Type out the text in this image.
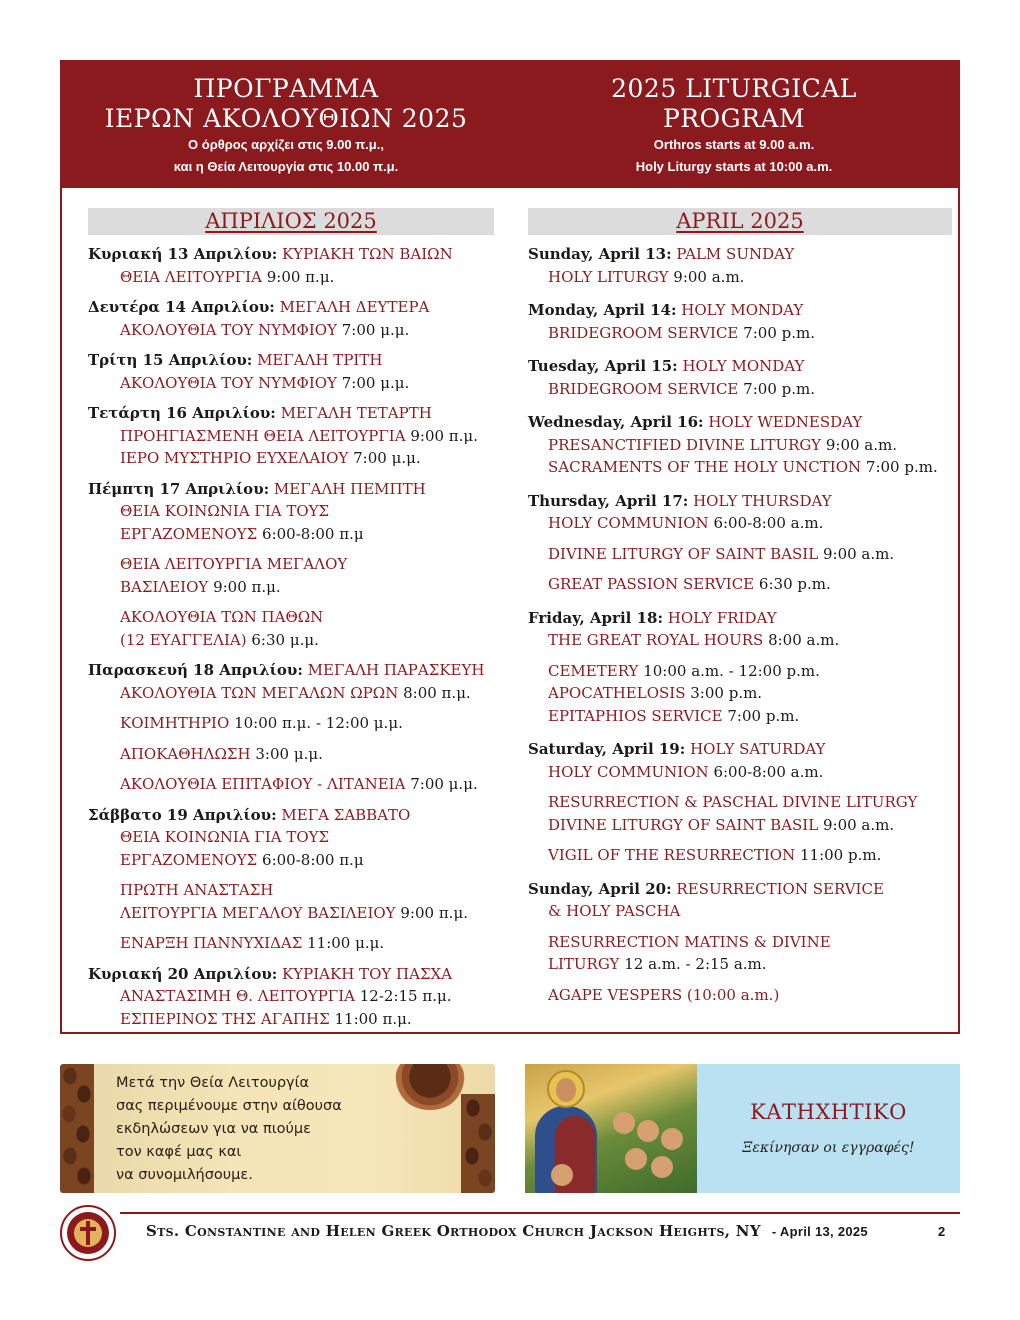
ΠΡΟΓΡΑΜΜΑ
ΙΕΡΩΝ ΑΚΟΛΟΥΘΙΩΝ 2025
Ο όρθρος αρχίζει στις 9.00 π.μ.,
και η Θεία Λειτουργία στις 10.00 π.μ.
2025 LITURGICAL
PROGRAM
Orthros starts at 9.00 a.m.
Holy Liturgy starts at 10:00 a.m.
ΑΠΡΙΛΙΟΣ 2025
Κυριακή 13 Απριλίου: ΚΥΡΙΑΚΗ ΤΩΝ ΒΑΙΩΝ
ΘΕΙΑ ΛΕΙΤΟΥΡΓΙΑ 9:00 π.μ.
Δευτέρα 14 Απριλίου: ΜΕΓΑΛΗ ΔΕΥΤΕΡΑ
ΑΚΟΛΟΥΘΙΑ ΤΟΥ ΝΥΜΦΙΟΥ 7:00 μ.μ.
Τρίτη 15 Απριλίου: ΜΕΓΑΛΗ ΤΡΙΤΗ
ΑΚΟΛΟΥΘΙΑ ΤΟΥ ΝΥΜΦΙΟΥ 7:00 μ.μ.
Τετάρτη 16 Απριλίου: ΜΕΓΑΛΗ ΤΕΤΑΡΤΗ
ΠΡΟΗΓΙΑΣΜΕΝΗ ΘΕΙΑ ΛΕΙΤΟΥΡΓΙΑ 9:00 π.μ.
ΙΕΡΟ ΜΥΣΤΗΡΙΟ ΕΥΧΕΛΑΙΟΥ 7:00 μ.μ.
Πέμπτη 17 Απριλίου: ΜΕΓΑΛΗ ΠΕΜΠΤΗ
ΘΕΙΑ ΚΟΙΝΩΝΙΑ ΓΙΑ ΤΟΥΣ
ΕΡΓΑΖΟΜΕΝΟΥΣ 6:00-8:00 π.μ
ΘΕΙΑ ΛΕΙΤΟΥΡΓΙΑ ΜΕΓΑΛΟΥ
ΒΑΣΙΛΕΙΟΥ 9:00 π.μ.
ΑΚΟΛΟΥΘΙΑ ΤΩΝ ΠΑΘΩΝ
(12 ΕΥΑΓΓΕΛΙΑ) 6:30 μ.μ.
Παρασκευή 18 Απριλίου: ΜΕΓΑΛΗ ΠΑΡΑΣΚΕΥΗ
ΑΚΟΛΟΥΘΙΑ ΤΩΝ ΜΕΓΑΛΩΝ ΩΡΩΝ 8:00 π.μ.
ΚΟΙΜΗΤΗΡΙΟ 10:00 π.μ. - 12:00 μ.μ.
ΑΠΟΚΑΘΗΛΩΣΗ 3:00 μ.μ.
ΑΚΟΛΟΥΘΙΑ ΕΠΙΤΑΦΙΟΥ - ΛΙΤΑΝΕΙΑ 7:00 μ.μ.
Σάββατο 19 Απριλίου: ΜΕΓΑ ΣΑΒΒΑΤΟ
ΘΕΙΑ ΚΟΙΝΩΝΙΑ ΓΙΑ ΤΟΥΣ
ΕΡΓΑΖΟΜΕΝΟΥΣ 6:00-8:00 π.μ
ΠΡΩΤΗ ΑΝΑΣΤΑΣΗ
ΛΕΙΤΟΥΡΓΙΑ ΜΕΓΑΛΟΥ ΒΑΣΙΛΕΙΟΥ 9:00 π.μ.
ΕΝΑΡΞΗ ΠΑΝΝΥΧΙΔΑΣ 11:00 μ.μ.
Κυριακή 20 Απριλίου: ΚΥΡΙΑΚΗ ΤΟΥ ΠΑΣΧΑ
ΑΝΑΣΤΑΣΙΜΗ Θ. ΛΕΙΤΟΥΡΓΙΑ 12-2:15 π.μ.
ΕΣΠΕΡΙΝΟΣ ΤΗΣ ΑΓΑΠΗΣ 11:00 π.μ.
APRIL 2025
Sunday, April 13: PALM SUNDAY
HOLY LITURGY 9:00 a.m.
Monday, April 14: HOLY MONDAY
BRIDEGROOM SERVICE 7:00 p.m.
Tuesday, April 15: HOLY MONDAY
BRIDEGROOM SERVICE 7:00 p.m.
Wednesday, April 16: HOLY WEDNESDAY
PRESANCTIFIED DIVINE LITURGY 9:00 a.m.
SACRAMENTS OF THE HOLY UNCTION 7:00 p.m.
Thursday, April 17: HOLY THURSDAY
HOLY COMMUNION 6:00-8:00 a.m.
DIVINE LITURGY OF SAINT BASIL 9:00 a.m.
GREAT PASSION SERVICE 6:30 p.m.
Friday, April 18: HOLY FRIDAY
THE GREAT ROYAL HOURS 8:00 a.m.
CEMETERY 10:00 a.m. - 12:00 p.m.
APOCATHELOSIS 3:00 p.m.
EPITAPHIOS SERVICE 7:00 p.m.
Saturday, April 19: HOLY SATURDAY
HOLY COMMUNION 6:00-8:00 a.m.
RESURRECTION & PASCHAL DIVINE LITURGY
DIVINE LITURGY OF SAINT BASIL 9:00 a.m.
VIGIL OF THE RESURRECTION 11:00 p.m.
Sunday, April 20: RESURRECTION SERVICE
& HOLY PASCHA
RESURRECTION MATINS & DIVINE
LITURGY 12 a.m. - 2:15 a.m.
AGAPE VESPERS (10:00 a.m.)
Μετά την Θεία Λειτουργία
σας περιμένουμε στην αίθουσα
εκδηλώσεων για να πιούμε
τον καφέ μας και
να συνομιλήσουμε.
ΚΑΤΗΧΗΤΙΚΟ
Ξεκίνησαν οι εγγραφές!
Sts. Constantine and Helen Greek Orthodox Church Jackson Heights, NY - April 13, 2025	2
